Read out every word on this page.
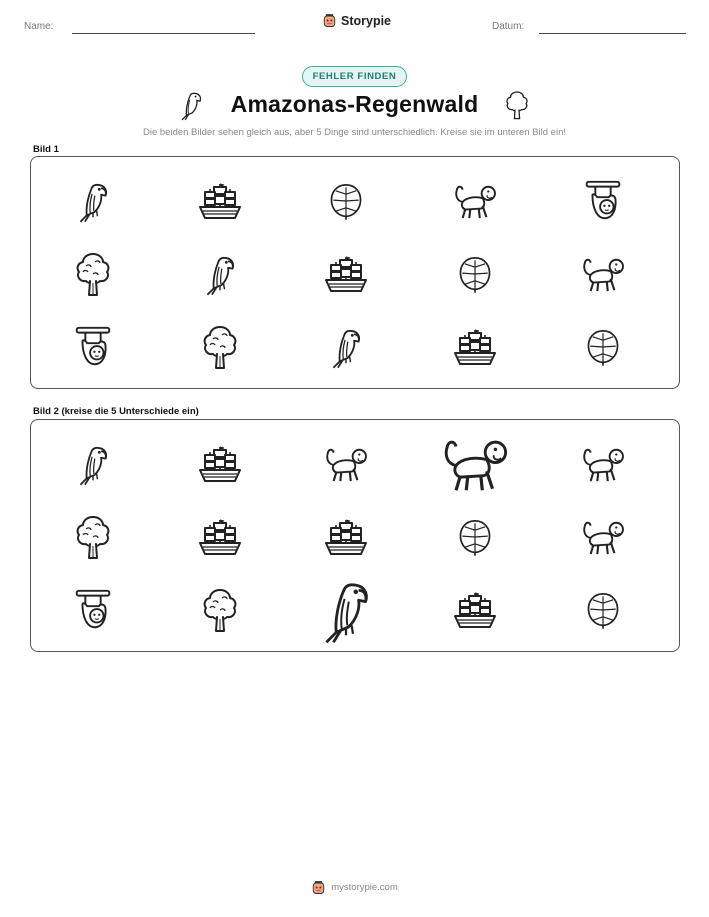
Name:	Storypie	Datum:
FEHLER FINDEN
Amazonas-Regenwald
Die beiden Bilder sehen gleich aus, aber 5 Dinge sind unterschiedlich. Kreise sie im unteren Bild ein!
Bild 1
Bild 2 (kreise die 5 Unterschiede ein)
mystorypie.com
